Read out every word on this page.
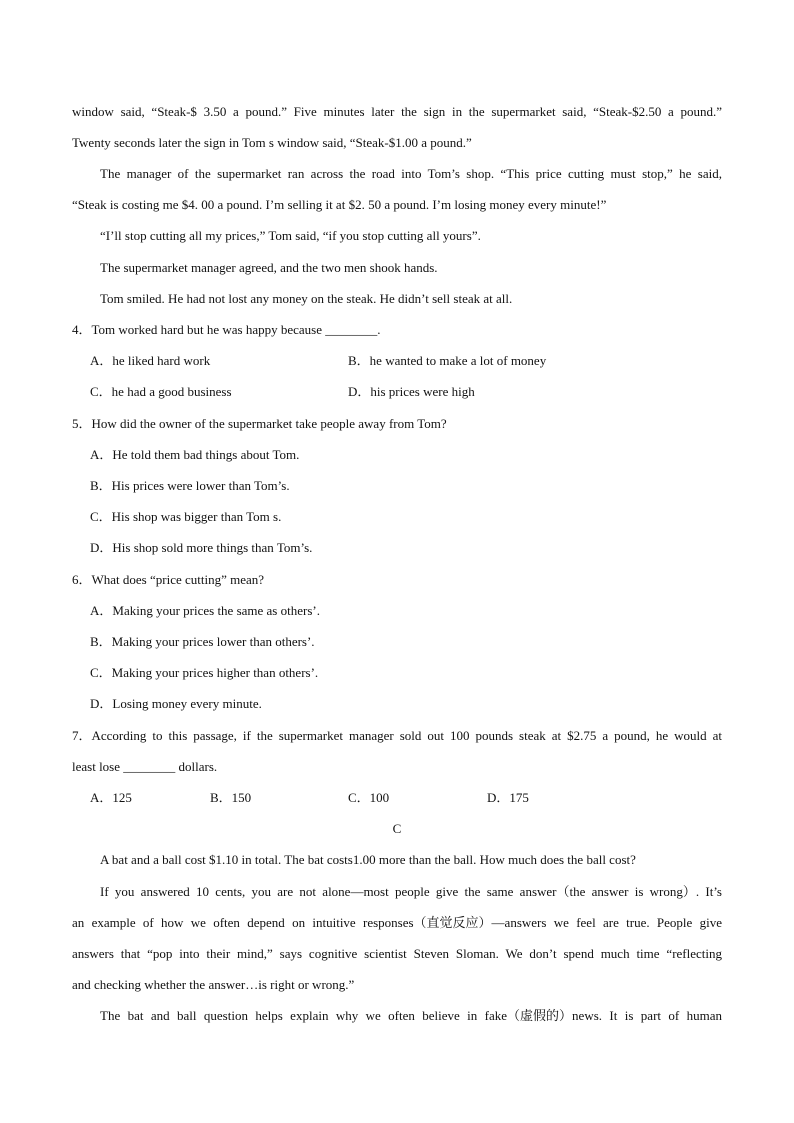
window said, “Steak-$ 3.50 a pound.” Five minutes later the sign in the supermarket said, “Steak-$2.50 a pound.”
Twenty seconds later the sign in Tom s window said, “Steak-$1.00 a pound.”
The manager of the supermarket ran across the road into Tom’s shop. “This price cutting must stop,” he said,
“Steak is costing me $4. 00 a pound. I’m selling it at $2. 50 a pound. I’m losing money every minute!”
“I’ll stop cutting all my prices,” Tom said, “if you stop cutting all yours”.
The supermarket manager agreed, and the two men shook hands.
Tom smiled. He had not lost any money on the steak. He didn’t sell steak at all.
4．Tom worked hard but he was happy because ________.
A．he liked hard work	B．he wanted to make a lot of money
C．he had a good business	D．his prices were high
5．How did the owner of the supermarket take people away from Tom?
A．He told them bad things about Tom.
B．His prices were lower than Tom’s.
C．His shop was bigger than Tom s.
D．His shop sold more things than Tom’s.
6．What does “price cutting” mean?
A．Making your prices the same as others’.
B．Making your prices lower than others’.
C．Making your prices higher than others’.
D．Losing money every minute.
7．According to this passage, if the supermarket manager sold out 100 pounds steak at $2.75 a pound, he would at
least lose ________ dollars.
A．125	B．150	C．100	D．175
C
A bat and a ball cost $1.10 in total. The bat costs1.00 more than the ball. How much does the ball cost?
If you answered 10 cents, you are not alone—most people give the same answer（the answer is wrong）. It’s
an example of how we often depend on intuitive responses（直觉反应）—answers we feel are true. People give
answers that “pop into their mind,” says cognitive scientist Steven Sloman. We don’t spend much time “reflecting
and checking whether the answer…is right or wrong.”
The bat and ball question helps explain why we often believe in fake（虚假的）news. It is part of human
